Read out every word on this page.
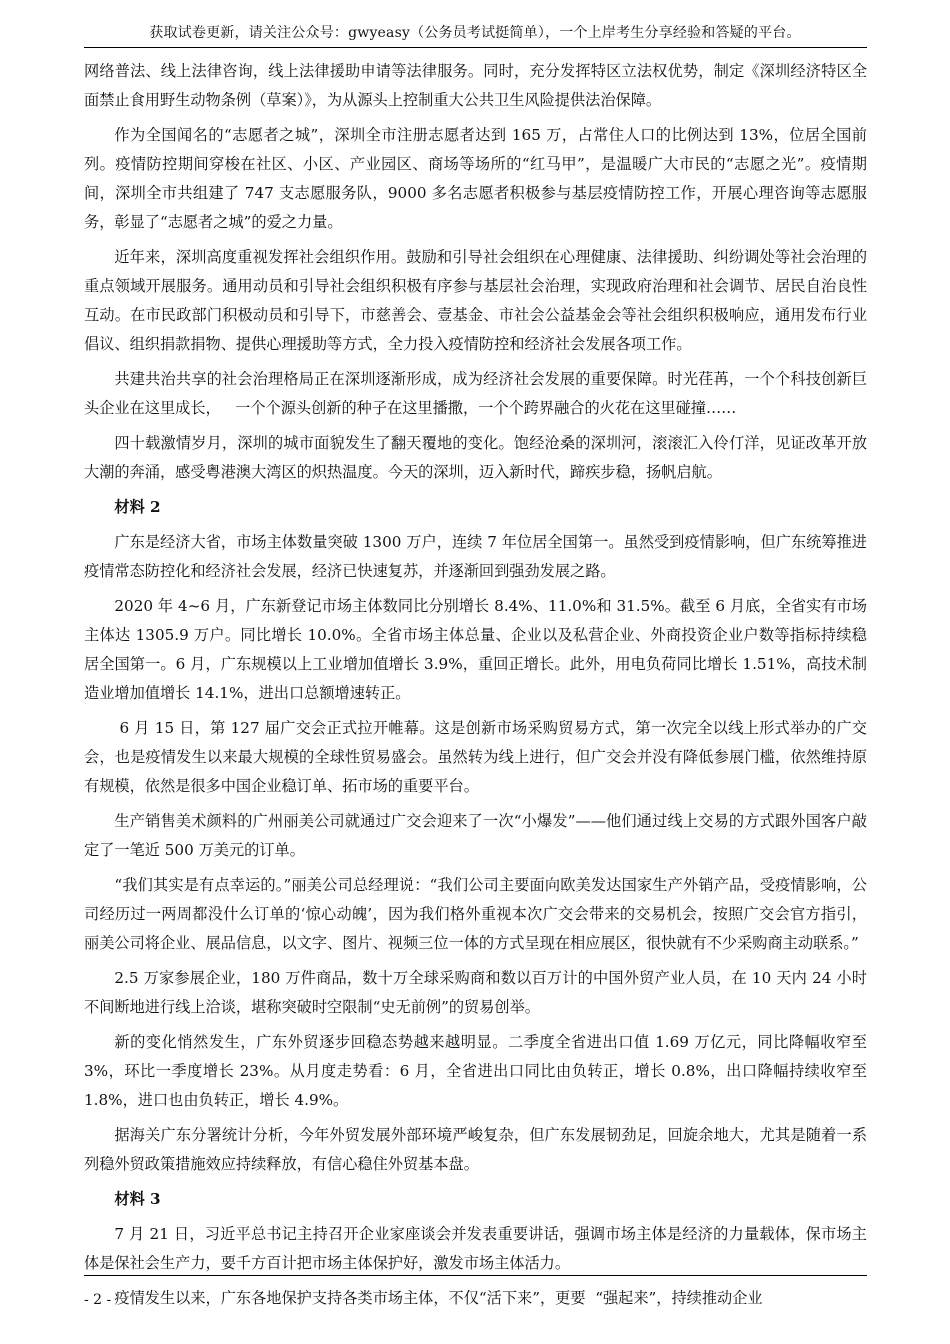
获取试卷更新，请关注公众号：gwyeasy（公务员考试挺简单），一个上岸考生分享经验和答疑的平台。

网络普法、线上法律咨询，线上法律援助申请等法律服务。同时，充分发挥特区立法权优势，制定《深圳经济特区全面禁止食用野生动物条例（草案）》，为从源头上控制重大公共卫生风险提供法治保障。

作为全国闻名的“志愿者之城”，深圳全市注册志愿者达到 165 万，占常住人口的比例达到 13%，位居全国前列。疫情防控期间穿梭在社区、小区、产业园区、商场等场所的“红马甲”，是温暖广大市民的“志愿之光”。疫情期间，深圳全市共组建了 747 支志愿服务队，9000 多名志愿者积极参与基层疫情防控工作，开展心理咨询等志愿服务，彰显了“志愿者之城”的爱之力量。

近年来，深圳高度重视发挥社会组织作用。鼓励和引导社会组织在心理健康、法律援助、纠纷调处等社会治理的重点领域开展服务。通用动员和引导社会组织积极有序参与基层社会治理，实现政府治理和社会调节、居民自治良性互动。在市民政部门积极动员和引导下，市慈善会、壹基金、市社会公益基金会等社会组织积极响应，通用发布行业倡议、组织捐款捐物、提供心理援助等方式，全力投入疫情防控和经济社会发展各项工作。

共建共治共享的社会治理格局正在深圳逐渐形成，成为经济社会发展的重要保障。时光荏苒，一个个科技创新巨头企业在这里成长，   一个个源头创新的种子在这里播撒，一个个跨界融合的火花在这里碰撞……

四十载激情岁月，深圳的城市面貌发生了翻天覆地的变化。饱经沧桑的深圳河，滚滚汇入伶仃洋，见证改革开放大潮的奔涌，感受粤港澳大湾区的炽热温度。今天的深圳，迈入新时代，蹄疾步稳，扬帆启航。

材料 2

广东是经济大省，市场主体数量突破 1300 万户，连续 7 年位居全国第一。虽然受到疫情影响，但广东统筹推进疫情常态防控化和经济社会发展，经济已快速复苏，并逐渐回到强劲发展之路。

2020 年 4~6 月，广东新登记市场主体数同比分别增长 8.4%、11.0%和 31.5%。截至 6 月底，全省实有市场主体达 1305.9 万户。同比增长 10.0%。全省市场主体总量、企业以及私营企业、外商投资企业户数等指标持续稳居全国第一。6 月，广东规模以上工业增加值增长 3.9%，重回正增长。此外，用电负荷同比增长 1.51%，高技术制造业增加值增长 14.1%，进出口总额增速转正。

6 月 15 日，第 127 届广交会正式拉开帷幕。这是创新市场采购贸易方式，第一次完全以线上形式举办的广交会，也是疫情发生以来最大规模的全球性贸易盛会。虽然转为线上进行，但广交会并没有降低参展门槛，依然维持原有规模，依然是很多中国企业稳订单、拓市场的重要平台。

生产销售美术颜料的广州丽美公司就通过广交会迎来了一次“小爆发”——他们通过线上交易的方式跟外国客户敲定了一笔近 500 万美元的订单。

“我们其实是有点幸运的。”丽美公司总经理说：“我们公司主要面向欧美发达国家生产外销产品，受疫情影响，公司经历过一两周都没什么订单的‘惊心动魄’，因为我们格外重视本次广交会带来的交易机会，按照广交会官方指引，丽美公司将企业、展品信息，以文字、图片、视频三位一体的方式呈现在相应展区，很快就有不少采购商主动联系。”

2.5 万家参展企业，180 万件商品，数十万全球采购商和数以百万计的中国外贸产业人员，在 10 天内 24 小时不间断地进行线上洽谈，堪称突破时空限制“史无前例”的贸易创举。

新的变化悄然发生，广东外贸逐步回稳态势越来越明显。二季度全省进出口值 1.69 万亿元，同比降幅收窄至 3%，环比一季度增长 23%。从月度走势看：6 月，全省进出口同比由负转正，增长 0.8%，出口降幅持续收窄至 1.8%，进口也由负转正，增长 4.9%。

据海关广东分署统计分析，今年外贸发展外部环境严峻复杂，但广东发展韧劲足，回旋余地大，尤其是随着一系列稳外贸政策措施效应持续释放，有信心稳住外贸基本盘。

材料 3

7 月 21 日，习近平总书记主持召开企业家座谈会并发表重要讲话，强调市场主体是经济的力量载体，保市场主体是保社会生产力，要千方百计把市场主体保护好，激发市场主体活力。

疫情发生以来，广东各地保护支持各类市场主体，不仅“活下来”，更要  “强起来”，持续推动企业

- 2 -
